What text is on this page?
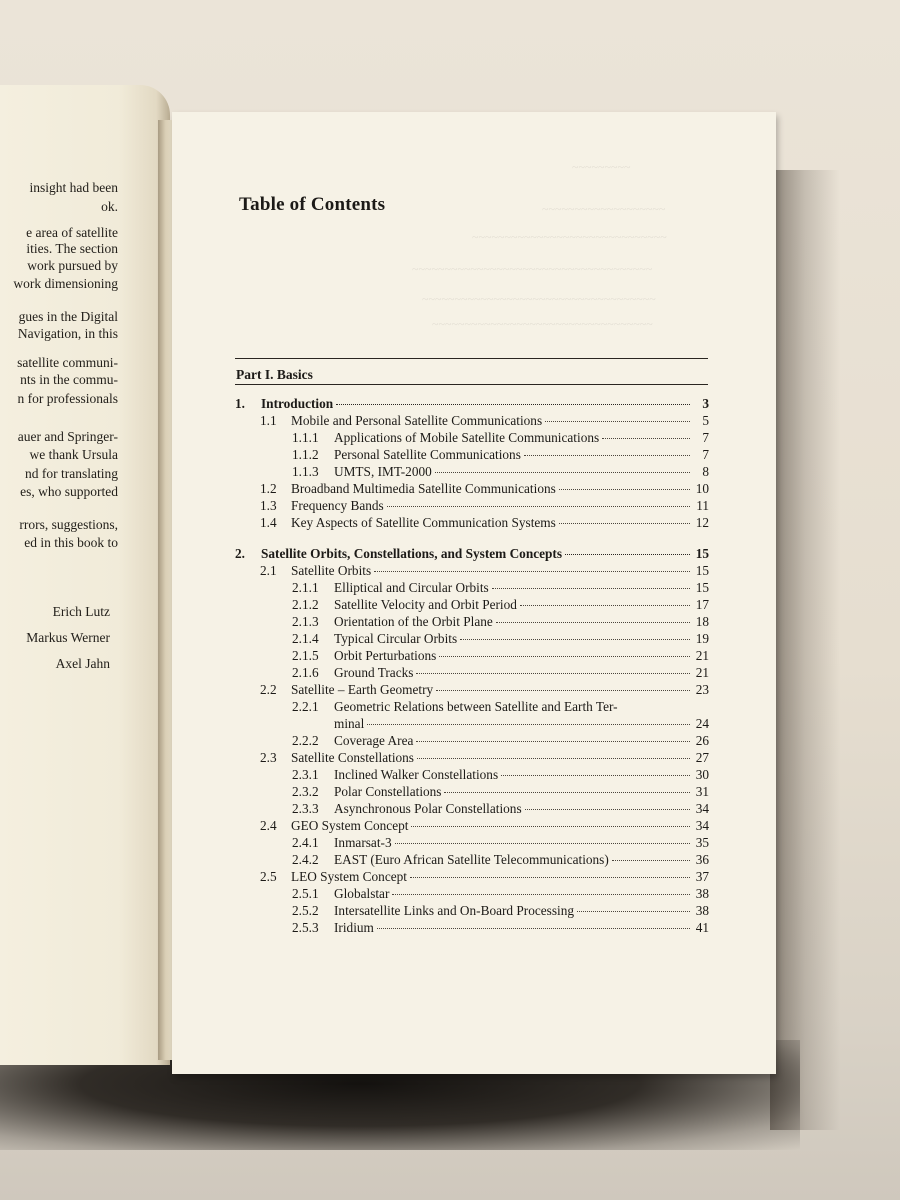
insight had been
ok.
e area of satellite
ities. The section
work pursued by
work dimensioning
gues in the Digital
Navigation, in this
satellite communi-
nts in the commu-
n for professionals
auer and Springer-
we thank Ursula
nd for translating
es, who supported
rrors, suggestions,
ed in this book to
Erich Lutz
Markus Werner
Axel Jahn
~~~~~~~~~
~~~~~~~~~~~~~~~~~~~
~~~~~~~~~~~~~~~~~~~~~~~~~~~~~~
~~~~~~~~~~~~~~~~~~~~~~~~~~~~~~~~~~~~~
~~~~~~~~~~~~~~~~~~~~~~~~~~~~~~~~~~~~
~~~~~~~~~~~~~~~~~~~~~~~~~~~~~~~~~~
Table of Contents
Part I. Basics
1.	Introduction	3
1.1	Mobile and Personal Satellite Communications	5
1.1.1	Applications of Mobile Satellite Communications	7
1.1.2	Personal Satellite Communications	7
1.1.3	UMTS, IMT-2000	8
1.2	Broadband Multimedia Satellite Communications	10
1.3	Frequency Bands	11
1.4	Key Aspects of Satellite Communication Systems	12
2.	Satellite Orbits, Constellations, and System Concepts	15
2.1	Satellite Orbits	15
2.1.1	Elliptical and Circular Orbits	15
2.1.2	Satellite Velocity and Orbit Period	17
2.1.3	Orientation of the Orbit Plane	18
2.1.4	Typical Circular Orbits	19
2.1.5	Orbit Perturbations	21
2.1.6	Ground Tracks	21
2.2	Satellite – Earth Geometry	23
2.2.1	Geometric Relations between Satellite and Earth Ter-
minal	24
2.2.2	Coverage Area	26
2.3	Satellite Constellations	27
2.3.1	Inclined Walker Constellations	30
2.3.2	Polar Constellations	31
2.3.3	Asynchronous Polar Constellations	34
2.4	GEO System Concept	34
2.4.1	Inmarsat-3	35
2.4.2	EAST (Euro African Satellite Telecommunications)	36
2.5	LEO System Concept	37
2.5.1	Globalstar	38
2.5.2	Intersatellite Links and On-Board Processing	38
2.5.3	Iridium	41
